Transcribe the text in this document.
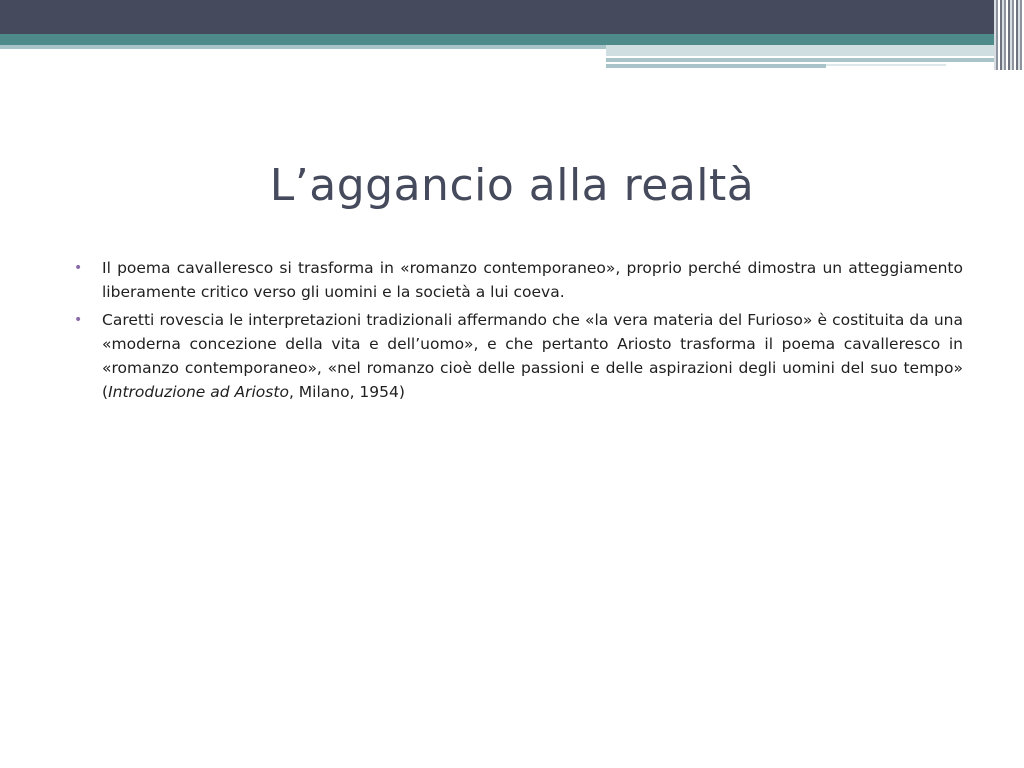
L’aggancio alla realtà
• Il poema cavalleresco si trasforma in «romanzo contemporaneo», proprio perché dimostra un atteggiamento liberamente critico verso gli uomini e la società a lui coeva.
• Caretti rovescia le interpretazioni tradizionali affermando che «la vera materia del Furioso» è costituita da una «moderna concezione della vita e dell’uomo», e che pertanto Ariosto trasforma il poema cavalleresco in «romanzo contemporaneo», «nel romanzo cioè delle passioni e delle aspirazioni degli uomini del suo tempo» (Introduzione ad Ariosto, Milano, 1954)
